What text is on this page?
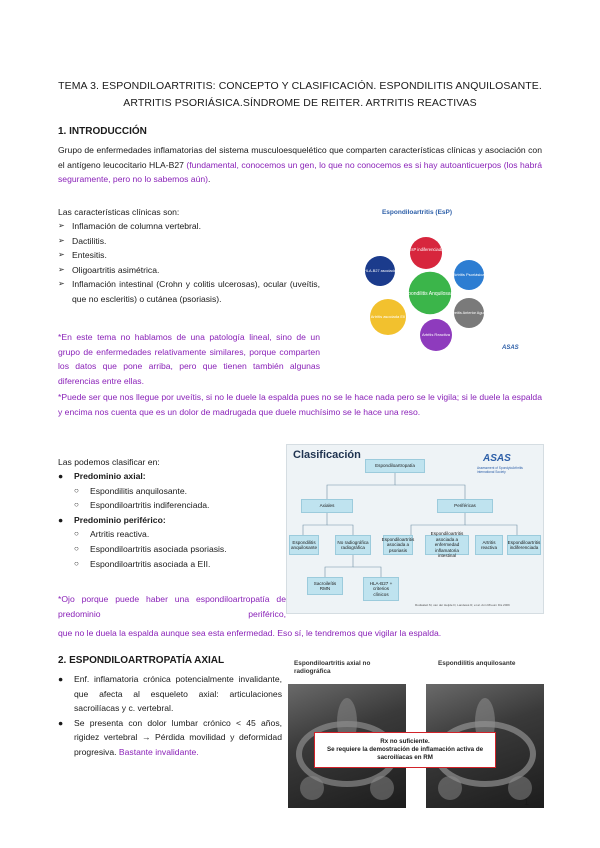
TEMA 3. ESPONDILOARTRITIS: CONCEPTO Y CLASIFICACIÓN. ESPONDILITIS ANQUILOSANTE.
ARTRITIS PSORIÁSICA.SÍNDROME DE REITER. ARTRITIS REACTIVAS
1. INTRODUCCIÓN
Grupo de enfermedades inflamatorias del sistema musculoesquelético que comparten características clínicas y asociación con el antígeno leucocitario HLA-B27 (fundamental, conocemos un gen, lo que no conocemos es si hay autoanticuerpos (los habrá seguramente, pero no lo sabemos aún).
Las características clínicas son:
➢ Inflamación de columna vertebral.
➢ Dactilitis.
➢ Entesitis.
➢ Oligoartritis asimétrica.
➢ Inflamación intestinal (Crohn y colitis ulcerosas), ocular (uveítis, que no escleritis) o cutánea (psoriasis).
Espondiloartritis (EsP)
EsP indiferenciada
Artritis Psoriásica
Uveítis Anterior Aguda
Artritis Reactiva
Artritis asociada EII
HLA-B27 asociada
Espondilitis Anquilosante
ASAS
*En este tema no hablamos de una patología lineal, sino de un grupo de enfermedades relativamente similares, porque comparten los datos que pone arriba, pero que tienen también algunas diferencias entre ellas.
*Puede ser que nos llegue por uveítis, si no le duele la espalda pues no se le hace nada pero se le vigila; si le duele la espalda y encima nos cuenta que es un dolor de madrugada que duele muchísimo se le hace una reso.
Las podemos clasificar en:
● Predominio axial:
○ Espondilitis anquilosante.
○ Espondiloartritis indiferenciada.
● Predominio periférico:
○ Artritis reactiva.
○ Espondiloartritis asociada psoriasis.
○ Espondiloartritis asociada a EII.
*Ojo porque puede haber una espondiloartropatía de predominio periférico,
que no le duela la espalda aunque sea esta enfermedad. Eso sí, le tendremos que vigilar la espalda.
Clasificación	ASAS
Assessment of SpondyloArthritis international Society
Espondiloartropatía
Axiales	Periféricas
Espondilitis anquilosante
No radiográfica radiográfica
Espondiloartritis asociada a psoriasis
Espondiloartritis asociada a enfermedad inflamatoria intestinal
Artritis reactiva
Espondiloartritis indiferenciada
Sacroileítis RMN
HLA-B27 + criterios clínicos
Rudwaleit M, van der Heijde D, Landewé R, et al. Ann Rheum Dis 2009
2. ESPONDILOARTROPATÍA AXIAL
● Enf. inflamatoria crónica potencialmente invalidante, que afecta al esqueleto axial: articulaciones sacroilíacas y c. vertebral.
● Se presenta con dolor lumbar crónico < 45 años, rigidez vertebral → Pérdida movilidad y deformidad progresiva. Bastante invalidante.
Espondiloartritis axial no radiográfica
Espondilitis anquilosante
Rx no suficiente.
Se requiere la demostración de inflamación activa de sacroilíacas en RM
1
